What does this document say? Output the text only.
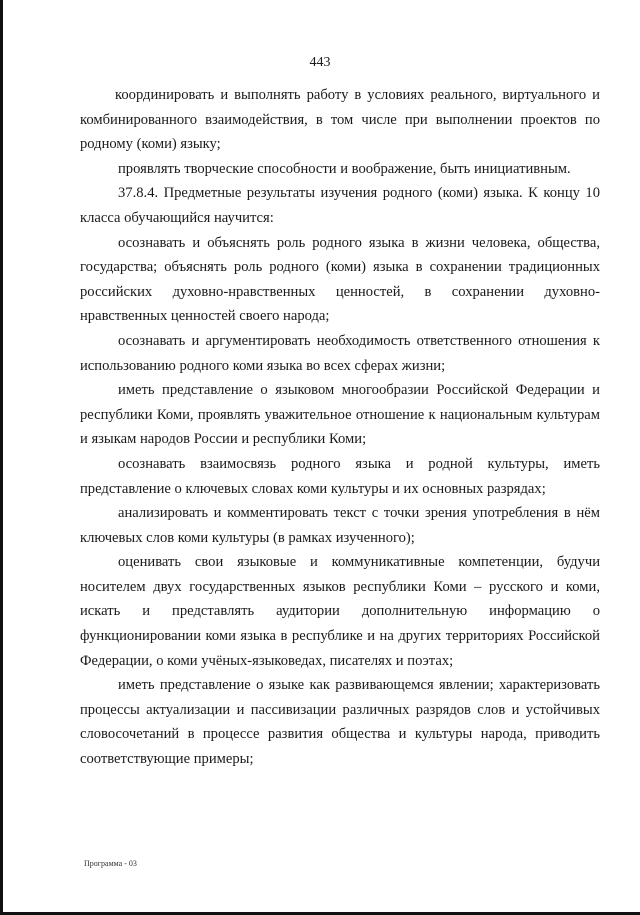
443

координировать и выполнять работу в условиях реального, виртуального и комбинированного взаимодействия, в том числе при выполнении проектов по родному (коми) языку;

проявлять творческие способности и воображение, быть инициативным.

37.8.4. Предметные результаты изучения родного (коми) языка. К концу 10 класса обучающийся научится:

осознавать и объяснять роль родного языка в жизни человека, общества, государства; объяснять роль родного (коми) языка в сохранении традиционных российских духовно-нравственных ценностей, в сохранении духовно-нравственных ценностей своего народа;

осознавать и аргументировать необходимость ответственного отношения к использованию родного коми языка во всех сферах жизни;

иметь представление о языковом многообразии Российской Федерации и республики Коми, проявлять уважительное отношение к национальным культурам и языкам народов России и республики Коми;

осознавать взаимосвязь родного языка и родной культуры, иметь представление о ключевых словах коми культуры и их основных разрядах;

анализировать и комментировать текст с точки зрения употребления в нём ключевых слов коми культуры (в рамках изученного);

оценивать свои языковые и коммуникативные компетенции, будучи носителем двух государственных языков республики Коми – русского и коми, искать и представлять аудитории дополнительную информацию о функционировании коми языка в республике и на других территориях Российской Федерации, о коми учёных-языковедах, писателях и поэтах;

иметь представление о языке как развивающемся явлении; характеризовать процессы актуализации и пассивизации различных разрядов слов и устойчивых словосочетаний в процессе развития общества и культуры народа, приводить соответствующие примеры;

Программа - 03
